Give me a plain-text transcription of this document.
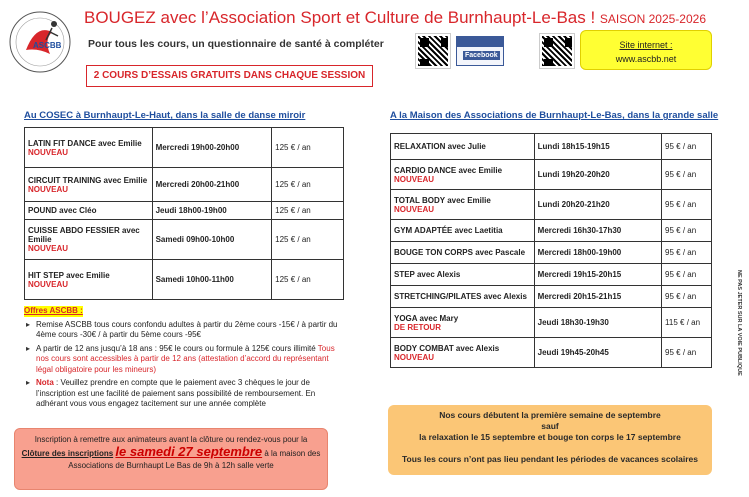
ASCBB
BOUGEZ avec l’Association Sport et Culture de Burnhaupt-Le-Bas ! SAISON 2025-2026
Pour tous les cours, un questionnaire de santé à compléter
Facebook
Site internet :
www.ascbb.net
2 COURS D’ESSAIS GRATUITS DANS CHAQUE SESSION
Au COSEC à Burnhaupt-Le-Haut, dans la salle de danse miroir
LATIN FIT DANCE avec Emilie
NOUVEAU	Mercredi 19h00-20h00	125 € / an
CIRCUIT TRAINING avec Emilie
NOUVEAU	Mercredi 20h00-21h00	125 € / an
POUND avec Cléo	Jeudi 18h00-19h00	125 € / an
CUISSE ABDO FESSIER avec Emilie
NOUVEAU	Samedi 09h00-10h00	125 € / an
HIT STEP avec Emilie
NOUVEAU	Samedi 10h00-11h00	125 € / an
A la Maison des Associations de Burnhaupt-Le-Bas, dans la grande salle
RELAXATION avec Julie	Lundi 18h15-19h15	95 € / an
CARDIO DANCE avec Emilie
NOUVEAU	Lundi 19h20-20h20	95 € / an
TOTAL BODY avec Emilie
NOUVEAU	Lundi 20h20-21h20	95 € / an
GYM ADAPTÉE avec Laetitia	Mercredi 16h30-17h30	95 € / an
BOUGE TON CORPS avec Pascale	Mercredi 18h00-19h00	95 € / an
STEP avec Alexis	Mercredi 19h15-20h15	95 € / an
STRETCHING/PILATES avec Alexis	Mercredi 20h15-21h15	95 € / an
YOGA avec Mary
DE RETOUR	Jeudi 18h30-19h30	115 € / an
BODY COMBAT avec Alexis
NOUVEAU	Jeudi 19h45-20h45	95 € / an
Offres ASCBB :
▸ Remise ASCBB tous cours confondu adultes à partir du 2ème cours -15€ / à partir du 4ème cours -30€ / à partir du 5ème cours -95€
▸ A partir de 12 ans jusqu’à 18 ans : 95€ le cours ou formule à 125€ cours illimité Tous nos cours sont accessibles à partir de 12 ans (attestation d’accord du représentant légal obligatoire pour les mineurs)
▸ Nota : Veuillez prendre en compte que le paiement avec 3 chèques le jour de l’inscription est une facilité de paiement sans possibilité de remboursement. En adhérant vous vous engagez tacitement sur une année complète
Inscription à remettre aux animateurs avant la clôture ou rendez-vous pour la
Clôture des inscriptions le samedi 27 septembre à la maison des
Associations de Burnhaupt Le Bas de 9h à 12h salle verte
Nos cours débutent la première semaine de septembre
sauf
la relaxation le 15 septembre et bouge ton corps le 17 septembre
Tous les cours n’ont pas lieu pendant les périodes de vacances scolaires
NE PAS JETER SUR LA VOIE PUBLIQUE
